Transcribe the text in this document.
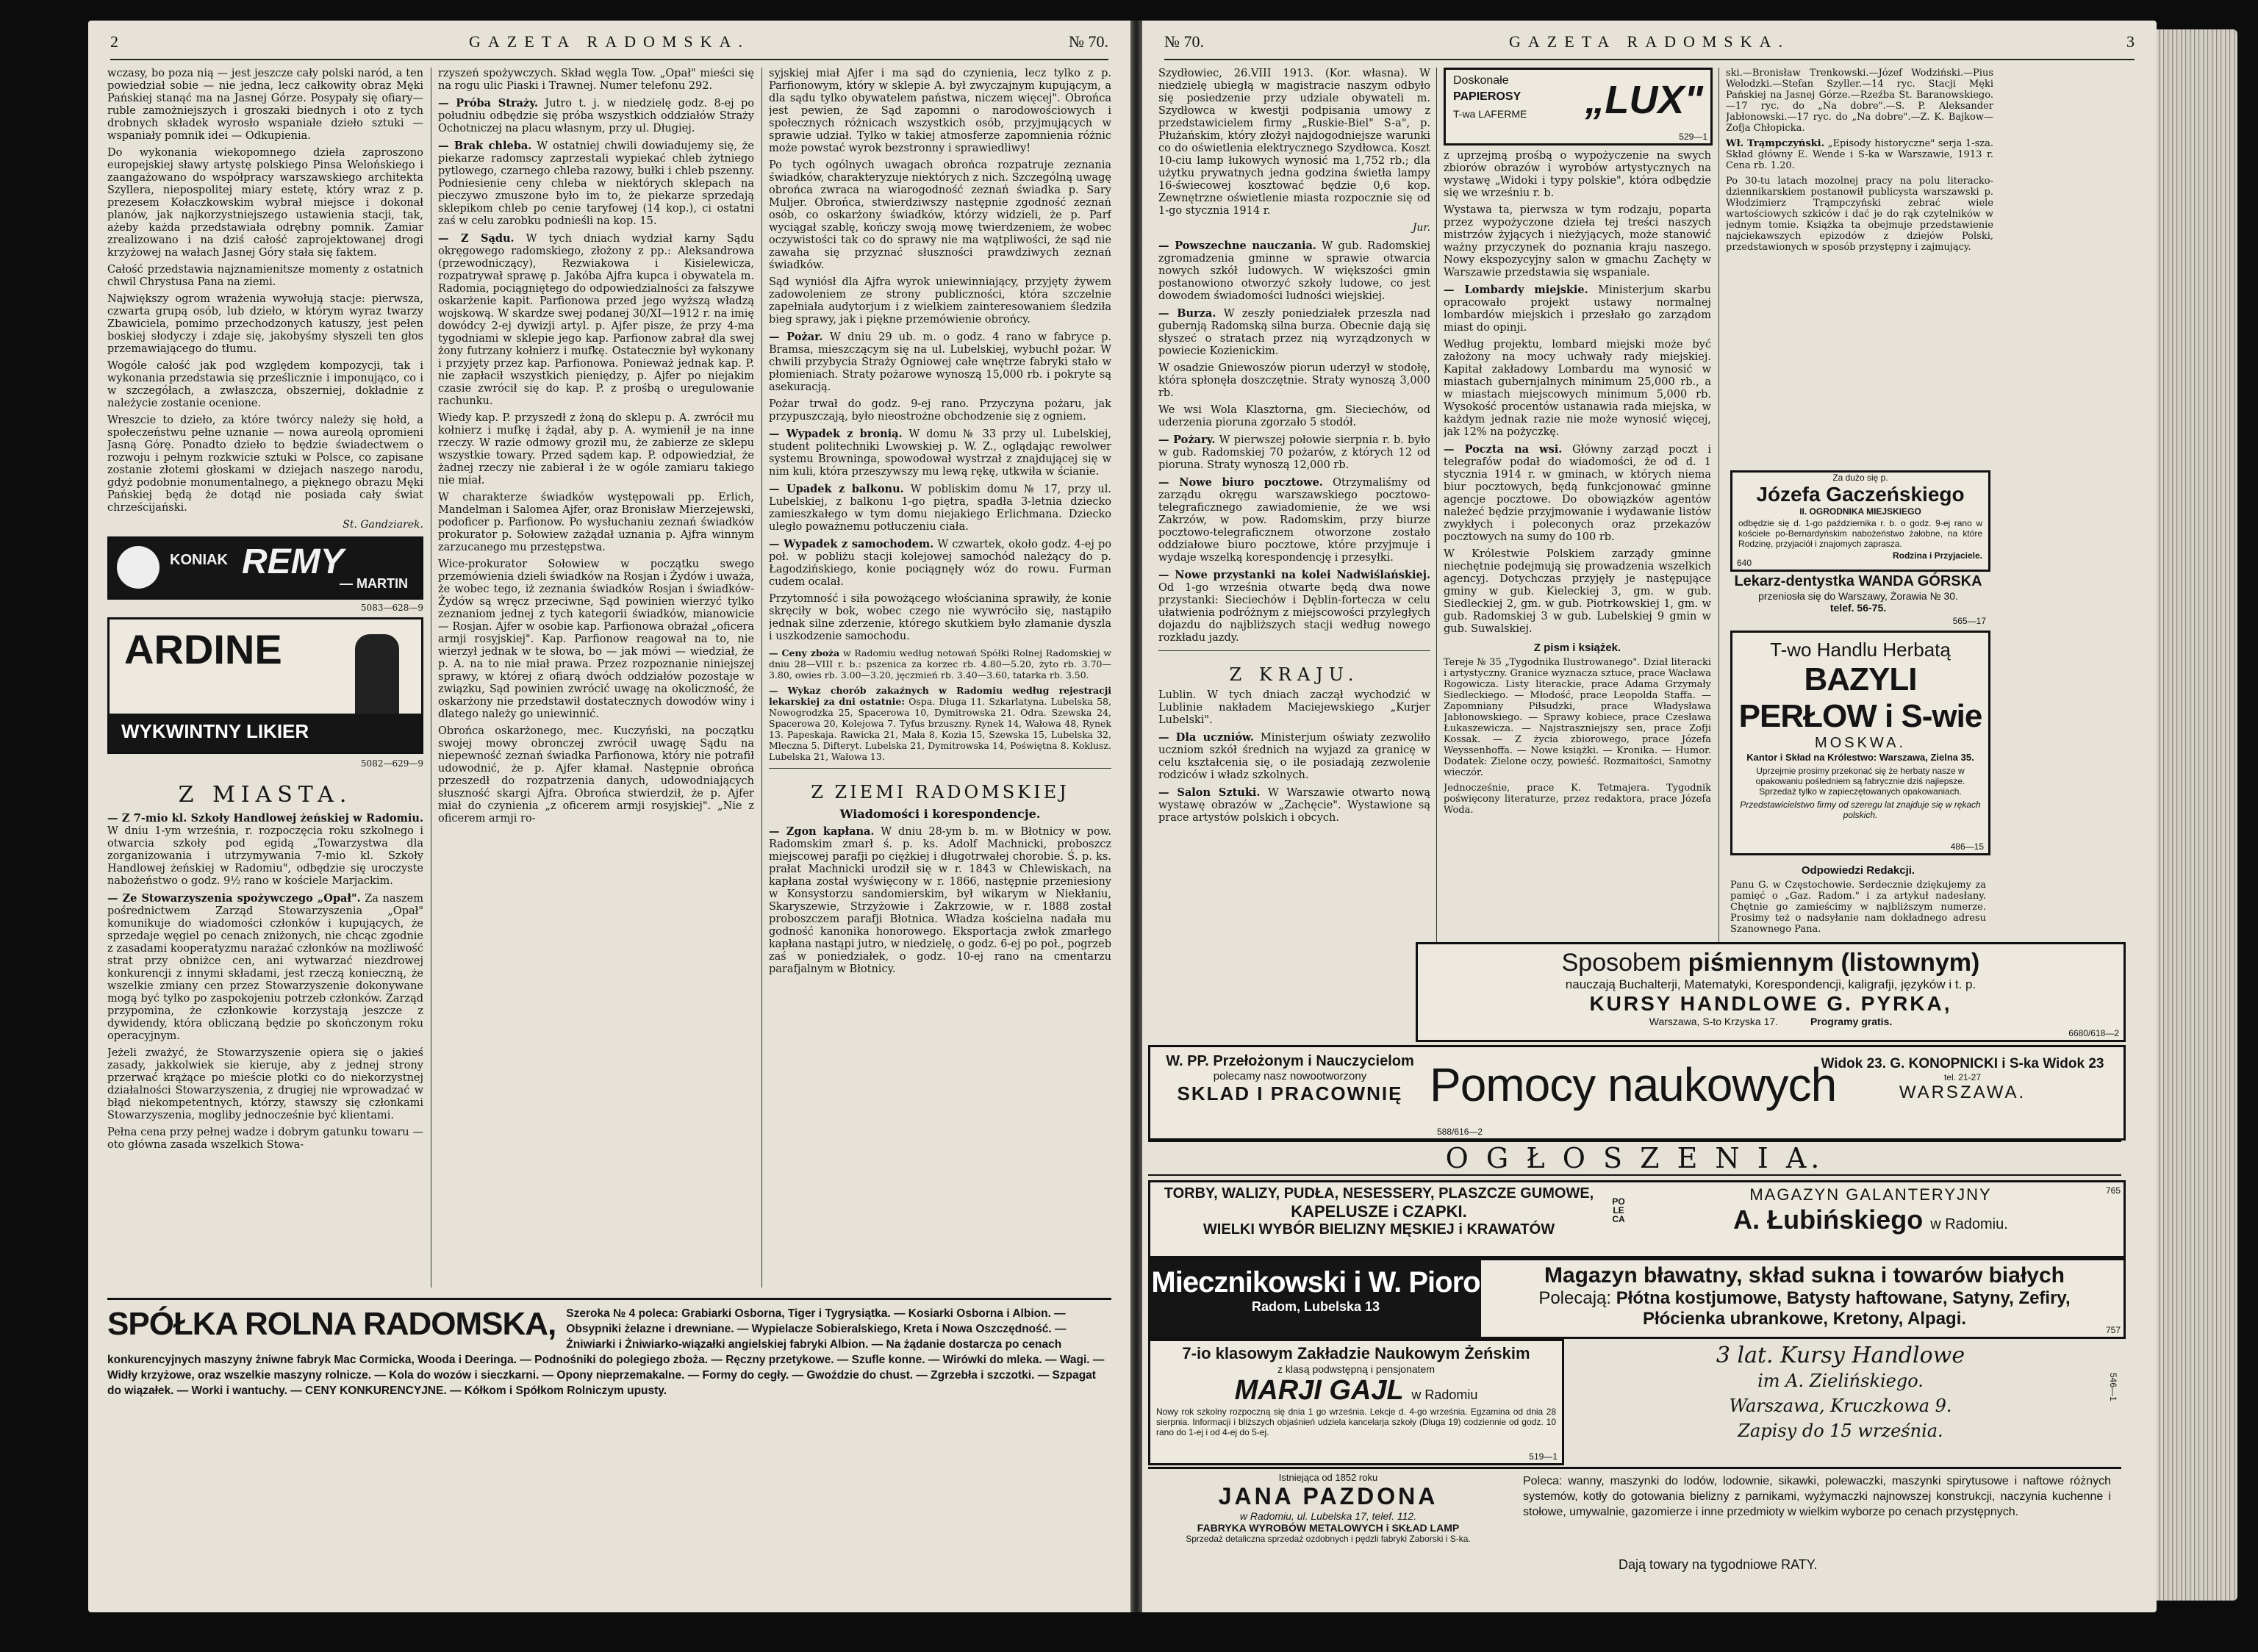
2	GAZETA RADOMSKA.	№ 70.

wczasy, bo poza nią — jest jeszcze cały polski naród, a ten powiedział sobie — nie jedna, lecz całkowity obraz Męki Pańskiej stanąć ma na Jasnej Górze. Posypały się ofiary—ruble zamożniejszych i groszaki biednych i oto z tych drobnych składek wyrosło wspaniałe dzieło sztuki — wspaniały pomnik idei — Odkupienia.

Do wykonania wiekopomnego dzieła zaproszono europejskiej sławy artystę polskiego Pinsa Welońskiego i zaangażowano do współpracy warszawskiego architekta Szyllera, niepospolitej miary estetę, który wraz z p. prezesem Kołaczkowskim wybrał miejsce i dokonał planów, jak najkorzystniejszego ustawienia stacji, tak, ażeby każda przedstawiała odrębny pomnik. Zamiar zrealizowano i na dziś całość zaprojektowanej drogi krzyżowej na wałach Jasnej Góry stała się faktem.

Całość przedstawia najznamienitsze momenty z ostatnich chwil Chrystusa Pana na ziemi.

Największy ogrom wrażenia wywołują stacje: pierwsza, czwarta grupą osób, lub dzieło, w którym wyraz twarzy Zbawiciela, pomimo przechodzonych katuszy, jest pełen boskiej słodyczy i zdaje się, jakobyśmy słyszeli ten głos przemawiającego do tłumu.

Wogóle całość jak pod względem kompozycji, tak i wykonania przedstawia się prześlicznie i imponująco, co i w szczegółach, a zwłaszcza, obszerniej, dokładnie z należycie zostanie ocenione.

Wreszcie to dzieło, za które twórcy należy się hołd, a społeczeństwu pełne uznanie — nowa aureolą opromieni Jasną Górę. Ponadto dzieło to będzie świadectwem o rozwoju i pełnym rozkwicie sztuki w Polsce, co zapisane zostanie złotemi głoskami w dziejach naszego narodu, gdyż podobnie monumentalnego, a pięknego obrazu Męki Pańskiej będą że dotąd nie posiada cały świat chrześcijański.

St. Gandziarek.
KONIAK REMY
— MARTIN
5083—628—9
ARDINE
WYKWINTNY LIKIER
5082—629—9
Z MIASTA.

— Z 7-mio kl. Szkoły Handlowej żeńskiej w Radomiu. W dniu 1-ym września, r. rozpoczęcia roku szkolnego i otwarcia szkoły pod egidą „Towarzystwa dla zorganizowania i utrzymywania 7-mio kl. Szkoły Handlowej żeńskiej w Radomiu", odbędzie się uroczyste nabożeństwo o godz. 9½ rano w kościele Marjackim.

— Ze Stowarzyszenia spożywczego „Opał". Za naszem pośrednictwem Zarząd Stowarzyszenia „Opał" komunikuje do wiadomości członków i kupujących, że sprzedaje węgiel po cenach zniżonych, nie chcąc zgodnie z zasadami kooperatyzmu narażać członków na możliwość strat przy obniżce cen, ani wytwarzać niezdrowej konkurencji z innymi składami, jest rzeczą konieczną, że wszelkie zmiany cen przez Stowarzyszenie dokonywane mogą być tylko po zaspokojeniu potrzeb członków. Zarząd przypomina, że członkowie korzystają jeszcze z dywidendy, która obliczaną będzie po skończonym roku operacyjnym.

Jeżeli zważyć, że Stowarzyszenie opiera się o jakieś zasady, jakkolwiek sie kieruje, aby z jednej strony przerwać krążące po mieście plotki co do niekorzystnej działalności Stowarzyszenia, z drugiej nie wprowadzać w błąd niekompetentnych, którzy, stawszy się członkami Stowarzyszenia, mogliby jednocześnie być klientami.

Pełna cena przy pełnej wadze i dobrym gatunku towaru — oto główna zasada wszelkich Stowa-

rzyszeń spożywczych. Skład węgla Tow. „Opał" mieści się na rogu ulic Piaski i Trawnej. Numer telefonu 292.

— Próba Straży. Jutro t. j. w niedzielę godz. 8-ej po południu odbędzie się próba wszystkich oddziałów Straży Ochotniczej na placu własnym, przy ul. Długiej.

— Brak chleba. W ostatniej chwili dowiadujemy się, że piekarze radomscy zaprzestali wypiekać chleb żytniego pytlowego, czarnego chleba razowy, bułki i chleb pszenny. Podniesienie ceny chleba w niektórych sklepach na pieczywo zmuszone było im to, że piekarze sprzedają sklepikom chleb po cenie taryfowej (14 kop.), ci ostatni zaś w celu zarobku podnieśli na kop. 15.

— Z Sądu. W tych dniach wydział karny Sądu okręgowego radomskiego, złożony z pp.: Aleksandrowa (przewodniczący), Rezwiakowa i Kisielewicza, rozpatrywał sprawę p. Jakóba Ajfra kupca i obywatela m. Radomia, pociągniętego do odpowiedzialności za fałszywe oskarżenie kapit. Parfionowa przed jego wyższą władzą wojskową. W skardze swej podanej 30/XI—1912 r. na imię dowódcy 2-ej dywizji artyl. p. Ajfer pisze, że przy 4-ma tygodniami w sklepie jego kap. Parfionow zabrał dla swej żony futrzany kołnierz i mufkę. Ostatecznie był wykonany i przyjęty przez kap. Parfionowa. Ponieważ jednak kap. P. nie zapłacił wszystkich pieniędzy, p. Ajfer po niejakim czasie zwrócił się do kap. P. z prośbą o uregulowanie rachunku.

Wiedy kap. P. przyszedł z żoną do sklepu p. A. zwrócił mu kołnierz i mufkę i żądał, aby p. A. wymienił je na inne rzeczy. W razie odmowy groził mu, że zabierze ze sklepu wszystkie towary. Przed sądem kap. P. odpowiedział, że żadnej rzeczy nie zabierał i że w ogóle zamiaru takiego nie miał.

W charakterze świadków występowali pp. Erlich, Mandelman i Salomea Ajfer, oraz Bronisław Mierzejewski, podoficer p. Parfionow. Po wysłuchaniu zeznań świadków prokurator p. Sołowiew zażądał uznania p. Ajfra winnym zarzucanego mu przestępstwa.

Wice-prokurator Sołowiew w początku swego przemówienia dzieli świadków na Rosjan i Żydów i uważa, że wobec tego, iż zeznania świadków Rosjan i świadków-Żydów są wręcz przeciwne, Sąd powinien wierzyć tylko zeznaniom jednej z tych kategorii świadków, mianowicie — Rosjan. Ajfer w osobie kap. Parfionowa obrażał „oficera armji rosyjskiej". Kap. Parfionow reagował na to, nie wierzył jednak w te słowa, bo — jak mówi — wiedział, że p. A. na to nie miał prawa. Przez rozpoznanie niniejszej sprawy, w której z ofiarą dwóch oddziałów pozostaje w związku, Sąd powinien zwrócić uwagę na okoliczność, że oskarżony nie przedstawił dostatecznych dowodów winy i dlatego należy go uniewinnić.

Obrońca oskarżonego, mec. Kuczyński, na początku swojej mowy obronczej zwrócił uwagę Sądu na niepewność zeznań świadka Parfionowa, który nie potrafił udowodnić, że p. Ajfer kłamał. Następnie obrońca przeszedł do rozpatrzenia danych, udowodniających słuszność skargi Ajfra. Obrońca stwierdził, że p. Ajfer miał do czynienia „z oficerem armji rosyjskiej". „Nie z oficerem armji ro-

syjskiej miał Ajfer i ma sąd do czynienia, lecz tylko z p. Parfionowym, który w sklepie A. był zwyczajnym kupującym, a dla sądu tylko obywatelem państwa, niczem więcej". Obrońca jest pewien, że Sąd zapomni o narodowościowych i społecznych różnicach wszystkich osób, przyjmujących w sprawie udział. Tylko w takiej atmosferze zapomnienia różnic może powstać wyrok bezstronny i sprawiedliwy!

Po tych ogólnych uwagach obrońca rozpatruje zeznania świadków, charakteryzuje niektórych z nich. Szczególną uwagę obrońca zwraca na wiarogodność zeznań świadka p. Sary Muljer. Obrońca, stwierdziwszy następnie zgodność zeznań osób, co oskarżony świadków, którzy widzieli, że p. Parf wyciągał szablę, kończy swoją mowę twierdzeniem, że wobec oczywistości tak co do sprawy nie ma wątpliwości, że sąd nie zawaha się przyznać słuszności prawdziwych zeznań świadków.

Sąd wyniósł dla Ajfra wyrok uniewinniający, przyjęty żywem zadowoleniem ze strony publiczności, która szczelnie zapełniała audytorjum i z wielkiem zainteresowaniem śledziła bieg sprawy, jak i piękne przemówienie obrońcy.

— Pożar. W dniu 29 ub. m. o godz. 4 rano w fabryce p. Bramsa, mieszczącym się na ul. Lubelskiej, wybuchł pożar. W chwili przybycia Straży Ogniowej całe wnętrze fabryki stało w płomieniach. Straty pożarowe wynoszą 15,000 rb. i pokryte są asekuracją.

Pożar trwał do godz. 9-ej rano. Przyczyna pożaru, jak przypuszczają, było nieostrożne obchodzenie się z ogniem.

— Wypadek z bronią. W domu № 33 przy ul. Lubelskiej, student politechniki Lwowskiej p. W. Z., oglądając rewolwer systemu Browninga, spowodował wystrzał z znajdującej się w nim kuli, która przeszywszy mu lewą rękę, utkwiła w ścianie.

— Upadek z balkonu. W pobliskim domu № 17, przy ul. Lubelskiej, z balkonu 1-go piętra, spadła 3-letnia dziecko zamieszkałego w tym domu niejakiego Erlichmana. Dziecko uległo poważnemu potłuczeniu ciała.

— Wypadek z samochodem. W czwartek, około godz. 4-ej po poł. w pobliżu stacji kolejowej samochód należący do p. Łagodzińskiego, konie pociągnęły wóz do rowu. Furman cudem ocalał.

Przytomność i siła powożącego włościanina sprawiły, że konie skręciły w bok, wobec czego nie wywróciło się, nastąpiło jednak silne zderzenie, którego skutkiem było złamanie dyszla i uszkodzenie samochodu.

— Ceny zboża w Radomiu według notowań Spółki Rolnej Radomskiej w dniu 28—VIII r. b.: pszenica za korzec rb. 4.80—5.20, żyto rb. 3.70—3.80, owies rb. 3.00—3.20, jęczmień rb. 3.40—3.60, tatarka rb. 3.50.

— Wykaz chorób zakaźnych w Radomiu według rejestracji lekarskiej za dni ostatnie: Ospa. Długa 11. Szkarlatyna. Lubelska 58, Nowogrodzka 25, Spacerowa 10, Dymitrowska 21. Odra. Szewska 24, Spacerowa 20, Kolejowa 7. Tyfus brzuszny. Rynek 14, Wałowa 48, Rynek 13. Papeskaja. Rawicka 21, Mała 8, Kozia 15, Szewska 15, Lubelska 32, Mleczna 5. Difteryt. Lubelska 21, Dymitrowska 14, Poświętna 8. Koklusz. Lubelska 21, Wałowa 13.

Z ZIEMI RADOMSKIEJ
Wiadomości i korespondencje.

— Zgon kapłana. W dniu 28-ym b. m. w Błotnicy w pow. Radomskim zmarł ś. p. ks. Adolf Machnicki, proboszcz miejscowej parafji po ciężkiej i długotrwałej chorobie. Ś. p. ks. prałat Machnicki urodził się w r. 1843 w Chlewiskach, na kapłana został wyświęcony w r. 1866, następnie przeniesiony w Konsystorzu sandomierskim, był wikarym w Niekłaniu, Skaryszewie, Strzyżowie i Zakrzowie, w r. 1888 został proboszczem parafji Błotnica. Władza kościelna nadała mu godność kanonika honorowego. Eksportacja zwłok zmarłego kapłana nastąpi jutro, w niedzielę, o godz. 6-ej po poł., pogrzeb zaś w poniedziałek, o godz. 10-ej rano na cmentarzu parafjalnym w Błotnicy.

SPÓŁKA ROLNA RADOMSKA, Szeroka № 4 poleca: Grabiarki Osborna, Tiger i Tygrysiątka. — Kosiarki Osborna i Albion. — Obsypniki żelazne i drewniane. — Wypielacze Sobieralskiego, Kreta i Nowa Oszczędność. — Żniwiarki i Żniwiarko-wiązałki angielskiej fabryki Albion. — Na żądanie dostarcza po cenach konkurencyjnych maszyny żniwne fabryk Mac Cormicka, Wooda i Deeringa. — Podnośniki do polegiego zboża. — Ręczny przetykowe. — Szufle konne. — Wirówki do mleka. — Wagi. — Widły krzyżowe, oraz wszelkie maszyny rolnicze. — Kola do wozów i sieczkarni. — Opony nieprzemakalne. — Formy do cegły. — Gwoździe do chust. — Zgrzebła i szczotki. — Szpagat do wiązałek. — Worki i wantuchy. — CENY KONKURENCYJNE. — Kółkom i Spółkom Rolniczym upusty.
3
GAZETA RADOMSKA.
№ 70.

Szydłowiec, 26.VIII 1913. (Kor. własna). W niedzielę ubiegłą w magistracie naszym odbyło się posiedzenie przy udziale obywateli m. Szydłowca w kwestji podpisania umowy z przedstawicielem firmy „Ruskie-Biel" S-a", p. Płużańskim, który złożył najdogodniejsze warunki co do oświetlenia elektrycznego Szydłowca. Koszt 10-ciu lamp łukowych wynosić ma 1,752 rb.; dla użytku prywatnych jedna godzina świetła lampy 16-świecowej kosztować będzie 0,6 kop. Zewnętrzne oświetlenie miasta rozpocznie się od 1-go stycznia 1914 r.

Jur.

— Powszechne nauczania. W gub. Radomskiej zgromadzenia gminne w sprawie otwarcia nowych szkół ludowych. W większości gmin postanowiono otworzyć szkoły ludowe, co jest dowodem świadomości ludności wiejskiej.

— Burza. W zeszły poniedziałek przeszła nad gubernją Radomską silna burza. Obecnie dają się słyszeć o stratach przez nią wyrządzonych w powiecie Kozienickim.

W osadzie Gniewoszów piorun uderzył w stodołę, która spłonęła doszczętnie. Straty wynoszą 3,000 rb.

We wsi Wola Klasztorna, gm. Sieciechów, od uderzenia pioruna zgorzało 5 stodół.

— Pożary. W pierwszej połowie sierpnia r. b. było w gub. Radomskiej 70 pożarów, z których 12 od pioruna. Straty wynoszą 12,000 rb.

— Nowe biuro pocztowe. Otrzymaliśmy od zarządu okręgu warszawskiego pocztowo-telegraficznego zawiadomienie, że we wsi Zakrzów, w pow. Radomskim, przy biurze pocztowo-telegraficznem otworzone zostało oddziałowe biuro pocztowe, które przyjmuje i wydaje wszelką korespondencję i przesyłki.

— Nowe przystanki na kolei Nadwiślańskiej. Od 1-go września otwarte będą dwa nowe przystanki: Sieciechów i Dęblin-fortecza w celu ułatwienia podróżnym z miejscowości przyległych dojazdu do najbliższych stacji według nowego rozkładu jazdy.

Z KRAJU.

Lublin. W tych dniach zaczął wychodzić w Lublinie nakładem Maciejewskiego „Kurjer Lubelski".

— Dla uczniów. Ministerjum oświaty zezwoliło uczniom szkół średnich na wyjazd za granicę w celu kształcenia się, o ile posiadają zezwolenie rodziców i władz szkolnych.

— Salon Sztuki. W Warszawie otwarto nową wystawę obrazów w „Zachęcie". Wystawione są prace artystów polskich i obcych.

Doskonałe
PAPIEROSY
T-wa LAFERME „LUX"
529—1

z uprzejmą prośbą o wypożyczenie na swych zbiorów obrazów i wyrobów artystycznych na wystawę „Widoki i typy polskie", która odbędzie się we wrześniu r. b.

Wystawa ta, pierwsza w tym rodzaju, poparta przez wypożyczone dzieła tej treści naszych mistrzów żyjących i nieżyjących, może stanowić ważny przyczynek do poznania kraju naszego. Nowy ekspozycyjny salon w gmachu Zachęty w Warszawie przedstawia się wspaniale.

— Lombardy miejskie. Ministerjum skarbu opracowało projekt ustawy normalnej lombardów miejskich i przesłało go zarządom miast do opinji.

Według projektu, lombard miejski może być założony na mocy uchwały rady miejskiej. Kapitał zakładowy Lombardu ma wynosić w miastach gubernjalnych minimum 25,000 rb., a w miastach miejscowych minimum 5,000 rb. Wysokość procentów ustanawia rada miejska, w każdym jednak razie nie może wynosić więcej, jak 12% na pożyczkę.

— Poczta na wsi. Główny zarząd poczt i telegrafów podał do wiadomości, że od d. 1 stycznia 1914 r. w gminach, w których niema biur pocztowych, będą funkcjonować gminne agencje pocztowe. Do obowiązków agentów należeć będzie przyjmowanie i wydawanie listów zwykłych i poleconych oraz przekazów pocztowych na sumy do 100 rb.

W Królestwie Polskiem zarządy gminne niechętnie podejmują się prowadzenia wszelkich agencyj. Dotychczas przyjęły je następujące gminy w gub. Kieleckiej 3, gm. w gub. Siedleckiej 2, gm. w gub. Piotrkowskiej 1, gm. w gub. Radomskiej 3 w gub. Lubelskiej 9 gmin w gub. Suwalskiej.

Z pism i książek.

Tereje № 35 „Tygodnika Ilustrowanego". Dział literacki i artystyczny. Granice wyznacza sztuce, prace Wacława Rogowicza. Listy literackie, prace Adama Grzymały Siedleckiego. — Młodość, prace Leopolda Staffa. — Zapomniany Piłsudzki, prace Władysława Jabłonowskiego. — Sprawy kobiece, prace Czesława Łukaszewicza. — Najstraszniejszy sen, prace Zofji Kossak. — Z życia zbiorowego, prace Józefa Weyssenhoffa. — Nowe książki. — Kronika. — Humor. Dodatek: Zielone oczy, powieść. Rozmaitości, Samotny wieczór.

Jednocześnie, prace K. Tetmajera. Tygodnik poświęcony literaturze, przez redaktora, prace Józefa Woda.

ski.—Bronisław Trenkowski.—Józef Wodziński.—Pius Welodzki.—Stefan Szyller.—14 ryc. Stacji Męki Pańskiej na Jasnej Górze.—Rzeźba St. Baranowskiego.—17 ryc. do „Na dobre".—S. P. Aleksander Jabłonowski.—17 ryc. do „Na dobre".—Z. K. Bajkow—Zofja Chłopicka.

Wł. Trąmpczyński. „Episody historyczne" serja 1-sza. Skład główny E. Wende i S-ka w Warszawie, 1913 r. Cena rb. 1.20.

Po 30-tu latach mozolnej pracy na polu literacko-dziennikarskiem postanowił publicysta warszawski p. Włodzimierz Trąmpczyński zebrać wiele wartościowych szkiców i dać je do rąk czytelników w jednym tomie. Książka ta obejmuje przedstawienie najciekawszych epizodów z dziejów Polski, przedstawionych w sposób przystępny i zajmujący.

Za dużo się p.
Józefa Gaczeńskiego
II. OGRODNIKA MIEJSKIEGO
odbędzie się d. 1-go października r. b. o godz. 9-ej rano w kościele po-Bernardyńskim nabożeństwo żałobne, na które Rodzinę, przyjaciół i znajomych zaprasza.
Rodzina i Przyjaciele.
640
Lekarz-dentystka WANDA GÓRSKA
przeniosła się do Warszawy, Żorawia № 30.
telef. 56-75.
565—17
T-wo Handlu Herbatą
BAZYLI PERŁOW i S-wie
MOSKWA.
Kantor i Skład na Królestwo: Warszawa, Zielna 35.
Uprzejmie prosimy przekonać się że herbaty nasze w opakowaniu pośledniem są fabrycznie dziś najlepsze. Sprzedaż tylko w zapieczętowanych opakowaniach.
Przedstawicielstwo firmy od szeregu lat znajduje się w rękach polskich.
486—15
Odpowiedzi Redakcji.

Panu G. w Częstochowie. Serdecznie dziękujemy za pamięć o „Gaz. Radom." i za artykuł nadesłany. Chętnie go zamieścimy w najbliższym numerze. Prosimy też o nadsyłanie nam dokładnego adresu Szanownego Pana.

Sposobem piśmiennym (listownym)
nauczają Buchalterji, Matematyki, Korespondencji, kaligrafji, języków i t. p.
KURSY HANDLOWE G. PYRKA,
Warszawa, S-to Krzyska 17.	Programy gratis.
6680/618—2
W. PP. Przełożonym i Nauczycielom
polecamy nasz nowootworzony
SKLAD I PRACOWNIĘ Pomocy naukowych
Widok 23. G. KONOPNICKI i S-ka Widok 23
tel. 21-27
WARSZAWA.
588/616—2
O G Ł O S Z E N I A.
TORBY, WALIZY, PUDŁA, NESESSERY, PLASZCZE GUMOWE,
KAPELUSZE i CZAPKI.
WIELKI WYBÓR BIELIZNY MĘSKIEJ i KRAWATÓW
POLECA
MAGAZYN GALANTERYJNY
A. Łubińskiego w Radomiu.
765
Miecznikowski i W. Pioro
Radom, Lubelska 13
Magazyn bławatny, skład sukna i towarów białych
Polecają: Płótna kostjumowe, Batysty haftowane, Satyny, Zefiry, Płócienka ubrankowe, Kretony, Alpagi.
757
7-io klasowym Zakładzie Naukowym Żeńskim
z klasą podwstępną i pensjonatem
MARJI GAJL w Radomiu
Nowy rok szkolny rozpoczną się dnia 1 go września. Lekcje d. 4-go września. Egzamina od dnia 28 sierpnia. Informacji i bliższych objaśnień udziela kancelarja szkoły (Długa 19) codziennie od godz. 10 rano do 1-ej i od 4-ej do 5-ej.
519—1
3 lat. Kursy Handlowe
im A. Zielińskiego.
Warszawa, Kruczkowa 9.
Zapisy do 15 września.
546—1
Istniejąca od 1852 roku
JANA PAZDONA
w Radomiu, ul. Lubelska 17, telef. 112.
FABRYKA WYROBÓW METALOWYCH i SKŁAD LAMP
Sprzedaż detaliczna sprzedaż ozdobnych i pędzli fabryki Zaborski i S-ka.
Poleca: wanny, maszynki do lodów, lodownie, sikawki, polewaczki, maszynki spirytusowe i naftowe różnych systemów, kotły do gotowania bielizny z parnikami, wyżymaczki najnowszej konstrukcji, naczynia kuchenne i stołowe, umywalnie, gazomierze i inne przedmioty w wielkim wyborze po cenach przystępnych.
Dają towary na tygodniowe RATY.
